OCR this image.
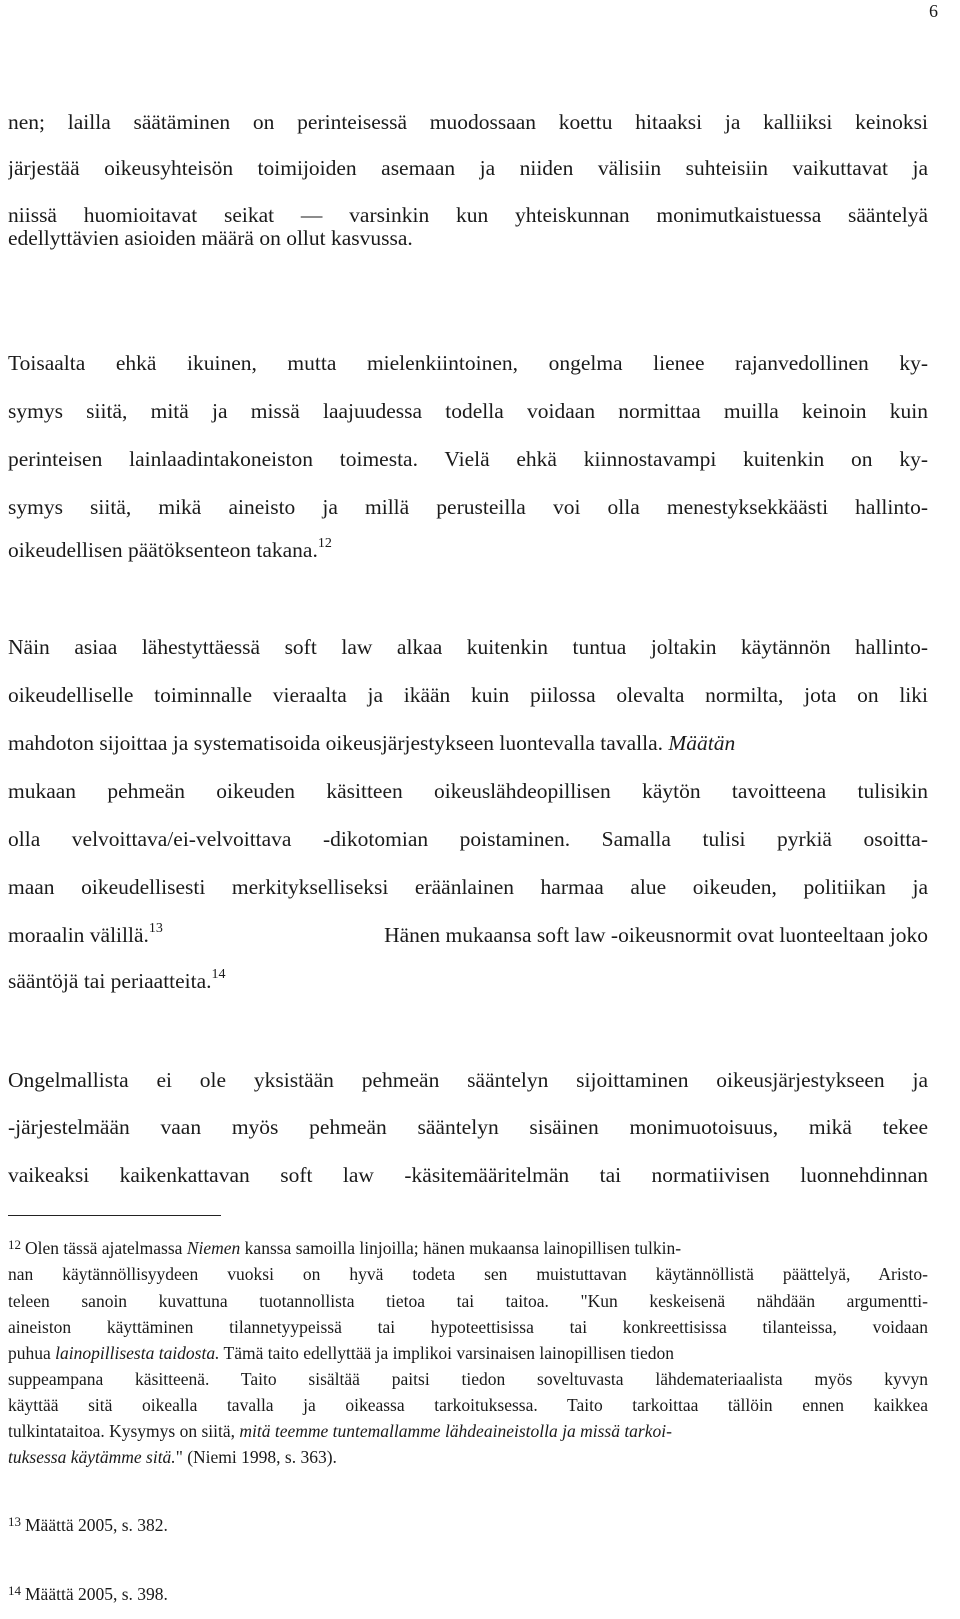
6
nen; lailla säätäminen on perinteisessä muodossaan koettu hitaaksi ja kalliiksi keinoksi
järjestää oikeusyhteisön toimijoiden asemaan ja niiden välisiin suhteisiin vaikuttavat ja
niissä huomioitavat seikat — varsinkin kun yhteiskunnan monimutkaistuessa sääntelyä
edellyttävien asioiden määrä on ollut kasvussa.
Toisaalta ehkä ikuinen, mutta mielenkiintoinen, ongelma lienee rajanvedollinen ky-
symys siitä, mitä ja missä laajuudessa todella voidaan normittaa muilla keinoin kuin
perinteisen lainlaadintakoneiston toimesta. Vielä ehkä kiinnostavampi kuitenkin on ky-
symys siitä, mikä aineisto ja millä perusteilla voi olla menestyksekkäästi hallinto-
oikeudellisen päätöksenteon takana.$^{12}$
Näin asiaa lähestyttäessä soft law alkaa kuitenkin tuntua joltakin käytännön hallinto-
oikeudelliselle toiminnalle vieraalta ja ikään kuin piilossa olevalta normilta, jota on liki
mahdoton sijoittaa ja systematisoida oikeusjärjestykseen luontevalla tavalla. Määtän
mukaan pehmeän oikeuden käsitteen oikeuslähdeopillisen käytön tavoitteena tulisikin
olla velvoittava/ei-velvoittava -dikotomian poistaminen. Samalla tulisi pyrkiä osoitta-
maan oikeudellisesti merkitykselliseksi eräänlainen harmaa alue oikeuden, politiikan ja
moraalin välillä.$^{13}$	Hänen mukaansa soft law -oikeusnormit ovat luonteeltaan joko
sääntöjä tai periaatteita.$^{14}$
Ongelmallista ei ole yksistään pehmeän sääntelyn sijoittaminen oikeusjärjestykseen ja
-järjestelmään vaan myös pehmeän sääntelyn sisäinen monimuotoisuus, mikä tekee
vaikeaksi kaikenkattavan soft law -käsitemääritelmän tai normatiivisen luonnehdinnan
$^{12}$ Olen tässä ajatelmassa Niemen kanssa samoilla linjoilla; hänen mukaansa lainopillisen tulkin-
nan käytännöllisyydeen vuoksi on hyvä todeta sen muistuttavan käytännöllistä päättelyä, Aristo-
teleen sanoin kuvattuna tuotannollista tietoa tai taitoa. "Kun keskeisenä nähdään argumentti-
aineiston käyttäminen tilannetyypeissä tai hypoteettisissa tai konkreettisissa tilanteissa, voidaan
puhua lainopillisesta taidosta. Tämä taito edellyttää ja implikoi varsinaisen lainopillisen tiedon
suppeampana käsitteenä. Taito sisältää paitsi tiedon soveltuvasta lähdemateriaalista myös kyvyn
käyttää sitä oikealla tavalla ja oikeassa tarkoituksessa. Taito tarkoittaa tällöin ennen kaikkea
tulkintataitoa. Kysymys on siitä, mitä teemme tuntemallamme lähdeaineistolla ja missä tarkoi-
tuksessa käytämme sitä." (Niemi 1998, s. 363).
$^{13}$ Määttä 2005, s. 382.
$^{14}$ Määttä 2005, s. 398.
